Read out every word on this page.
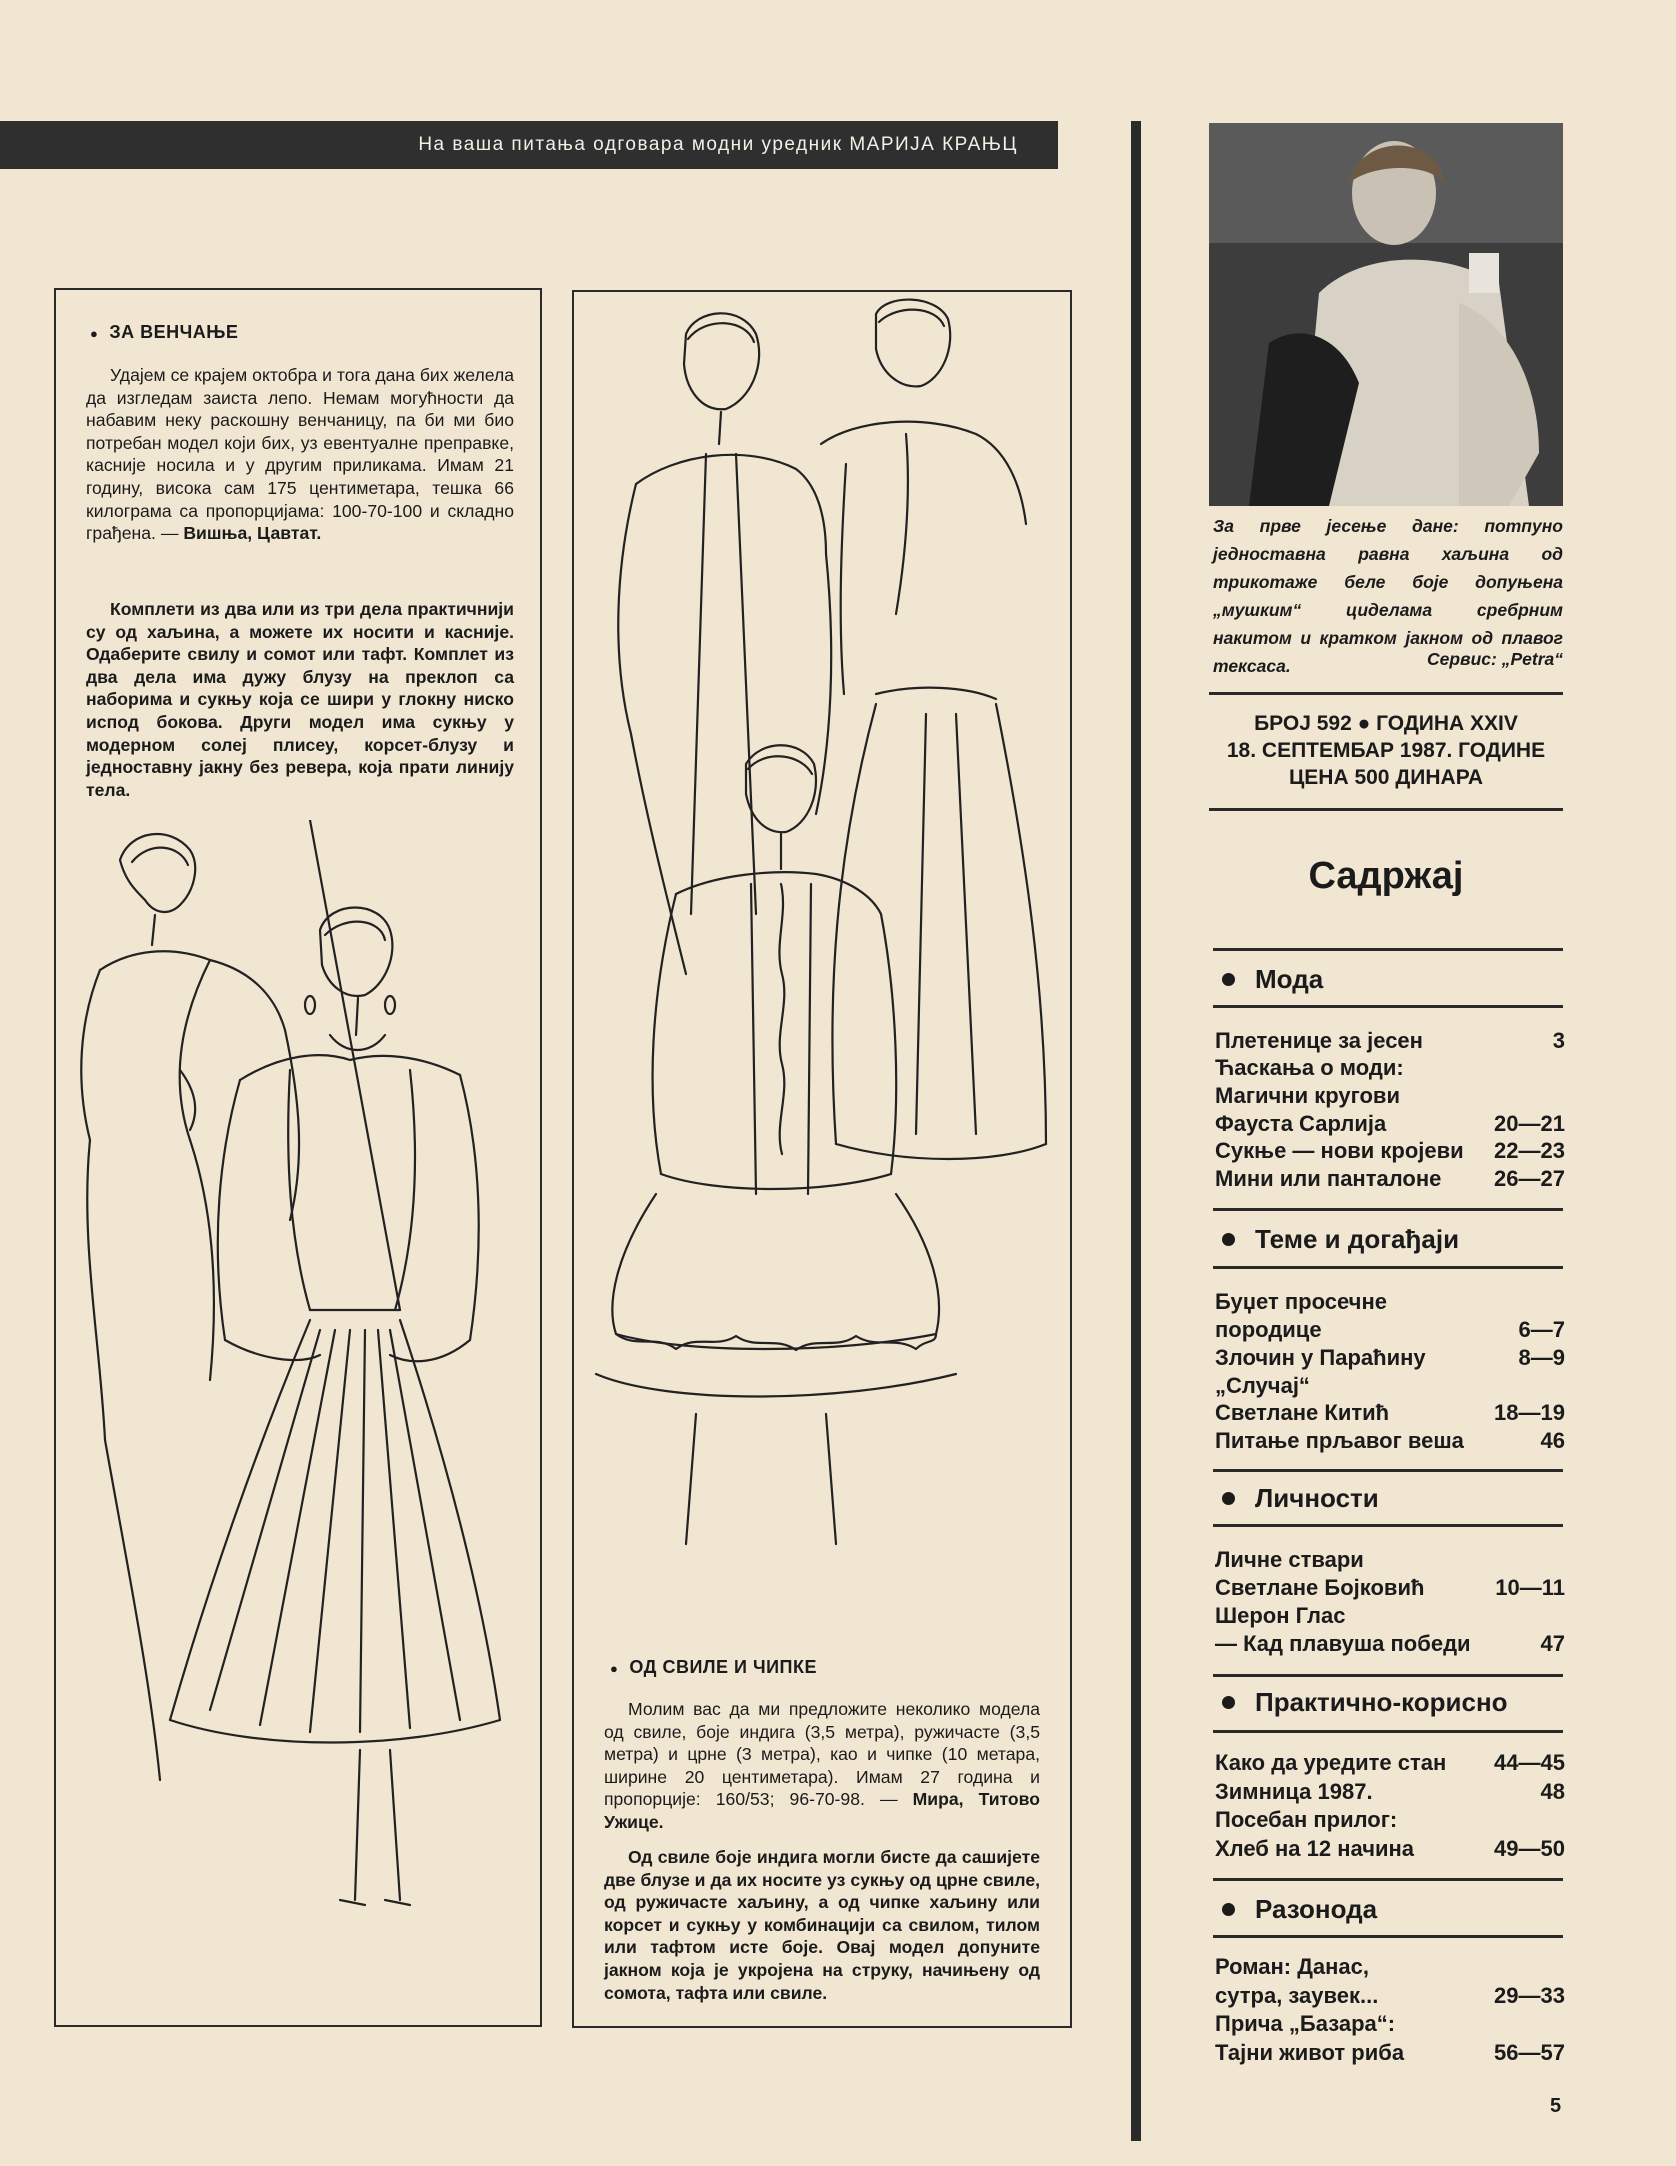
На ваша питања одговара модни уредник МАРИЈА КРАЊЦ
● ЗА ВЕНЧАЊЕ
Удајем се крајем октобра и тога дана бих желела да изгледам заиста лепо. Немам могућности да набавим неку раскошну венчаницу, па би ми био потребан модел који бих, уз евентуалне преправке, касније носила и у другим приликама. Имам 21 годину, висока сам 175 центиметара, тешка 66 килограма са пропорцијама: 100-70-100 и складно грађена. — Вишња, Цавтат.
Комплети из два или из три дела практичнији су од хаљина, а можете их носити и касније. Одаберите свилу и сомот или тафт. Комплет из два дела има дужу блузу на преклоп са наборима и сукњу која се шири у глокну ниско испод бокова. Други модел има сукњу у модерном солеј плисеу, корсет-блузу и једноставну јакну без ревера, која прати линију тела.
● ОД СВИЛЕ И ЧИПКЕ
Молим вас да ми предложите неколико модела од свиле, боје индига (3,5 метра), ружичасте (3,5 метра) и црне (3 метра), као и чипке (10 метара, ширине 20 центиметара). Имам 27 година и пропорције: 160/53; 96-70-98. — Мира, Титово Ужице.
Од свиле боје индига могли бисте да сашијете две блузе и да их носите уз сукњу од црне свиле, од ружичасте хаљину, а од чипке хаљину или корсет и сукњу у комбинацији са свилом, тилом или тафтом исте боје. Овај модел допуните јакном која је укројена на струку, начињену од сомота, тафта или свиле.
За прве јесење дане: потпуно једноставна равна хаљина од трикотаже беле боје допуњена „мушким“ циделама сребрним накитом и кратком јакном од плавог тексаса.	Сервис: „Petra“
БРОЈ 592 ● ГОДИНА XXIV
18. СЕПТЕМБАР 1987. ГОДИНЕ
ЦЕНА 500 ДИНАРА
Садржај
Мода
Плетенице за јесен	3
Ћаскања о моди:
Магични кругови
Фауста Сарлија	20—21
Сукње — нови кројеви 22—23
Мини или панталоне 26—27
Теме и догађаји
Буџет просечне
породице	6—7
Злочин у Параћину	8—9
„Случај“
Светлане Китић	18—19
Питање прљавог веша	46
Личности
Личне ствари
Светлане Бојковић	10—11
Шерон Глас
— Кад плавуша победи	47
Практично-корисно
Како да уредите стан 44—45
Зимница 1987.	48
Посебан прилог:
Хлеб на 12 начина	49—50
Разонода
Роман: Данас,
сутра, заувек...	29—33
Прича „Базара“:
Тајни живот риба	56—57
5
